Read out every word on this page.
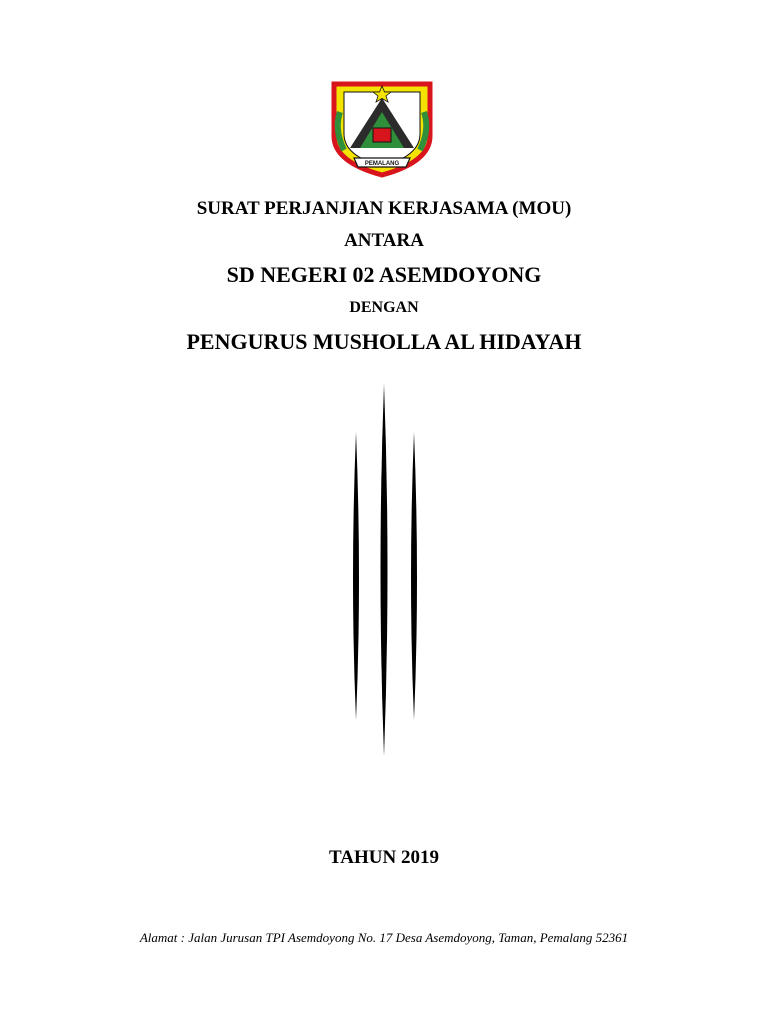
PEMALANG
SURAT PERJANJIAN KERJASAMA (MOU)
ANTARA
SD NEGERI 02 ASEMDOYONG
DENGAN
PENGURUS MUSHOLLA AL HIDAYAH
TAHUN 2019
Alamat : Jalan Jurusan TPI Asemdoyong No. 17 Desa Asemdoyong, Taman, Pemalang 52361
